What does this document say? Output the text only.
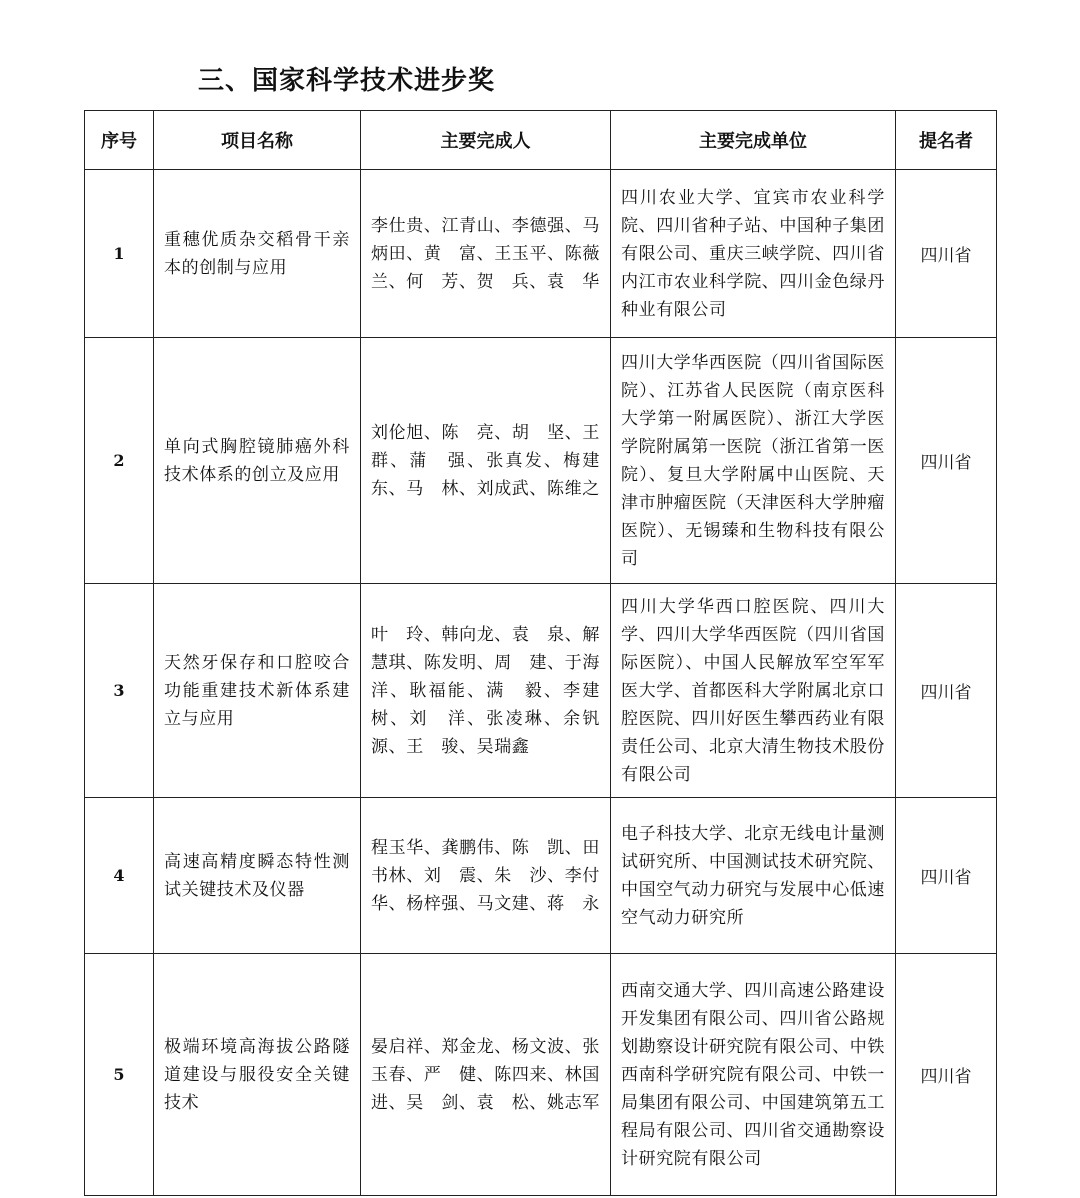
三、国家科学技术进步奖
序号	项目名称	主要完成人	主要完成单位	提名者
1	重穗优质杂交稻骨干亲本的创制与应用	李仕贵、江青山、李德强、马炳田、黄　富、王玉平、陈薇兰、何　芳、贺　兵、袁　华	四川农业大学、宜宾市农业科学院、四川省种子站、中国种子集团有限公司、重庆三峡学院、四川省内江市农业科学院、四川金色绿丹种业有限公司	四川省
2	单向式胸腔镜肺癌外科技术体系的创立及应用	刘伦旭、陈　亮、胡　坚、王　群、蒲　强、张真发、梅建东、马　林、刘成武、陈维之	四川大学华西医院（四川省国际医院）、江苏省人民医院（南京医科大学第一附属医院）、浙江大学医学院附属第一医院（浙江省第一医院）、复旦大学附属中山医院、天津市肿瘤医院（天津医科大学肿瘤医院）、无锡臻和生物科技有限公司	四川省
3	天然牙保存和口腔咬合功能重建技术新体系建立与应用	叶　玲、韩向龙、袁　泉、解慧琪、陈发明、周　建、于海洋、耿福能、满　毅、李建树、刘　洋、张凌琳、余钒源、王　骏、吴瑞鑫	四川大学华西口腔医院、四川大学、四川大学华西医院（四川省国际医院）、中国人民解放军空军军医大学、首都医科大学附属北京口腔医院、四川好医生攀西药业有限责任公司、北京大清生物技术股份有限公司	四川省
4	高速高精度瞬态特性测试关键技术及仪器	程玉华、龚鹏伟、陈　凯、田书林、刘　震、朱　沙、李付华、杨梓强、马文建、蒋　永	电子科技大学、北京无线电计量测试研究所、中国测试技术研究院、中国空气动力研究与发展中心低速空气动力研究所	四川省
5	极端环境高海拔公路隧道建设与服役安全关键技术	晏启祥、郑金龙、杨文波、张玉春、严　健、陈四来、林国进、吴　剑、袁　松、姚志军	西南交通大学、四川高速公路建设开发集团有限公司、四川省公路规划勘察设计研究院有限公司、中铁西南科学研究院有限公司、中铁一局集团有限公司、中国建筑第五工程局有限公司、四川省交通勘察设计研究院有限公司	四川省
